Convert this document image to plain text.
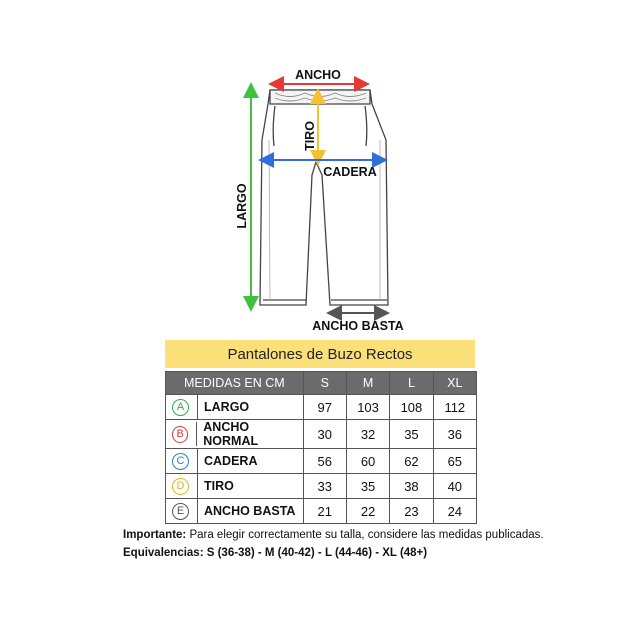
ANCHO
TIRO
CADERA
LARGO
ANCHO BASTA
Pantalones de Buzo Rectos
MEDIDAS EN CM	S	M	L	XL

A LARGO	97	103	108	112

B ANCHO NORMAL	30	32	35	36

C CADERA	56	60	62	65

D TIRO	33	35	38	40

E ANCHO BASTA	21	22	23	24
Importante: Para elegir correctamente su talla, considere las medidas publicadas.
Equivalencias: S (36-38) - M (40-42) - L (44-46) - XL (48+)
